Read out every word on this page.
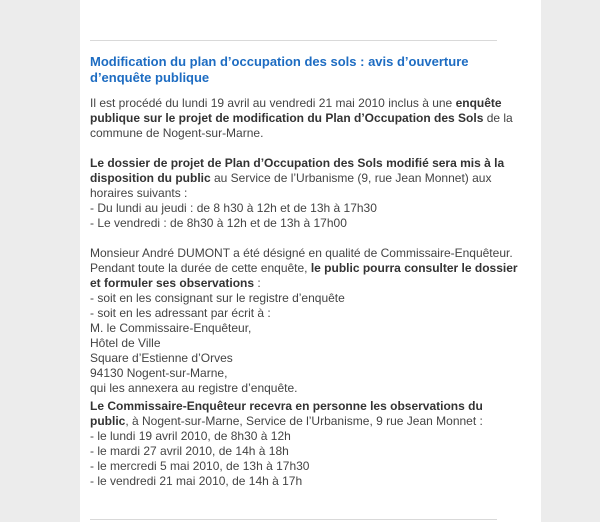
Modification du plan d’occupation des sols : avis d’ouverture d’enquête publique

Il est procédé du lundi 19 avril au vendredi 21 mai 2010 inclus à une enquête publique sur le projet de modification du Plan d’Occupation des Sols de la commune de Nogent-sur-Marne.

Le dossier de projet de Plan d’Occupation des Sols modifié sera mis à la disposition du public au Service de l’Urbanisme (9, rue Jean Monnet) aux horaires suivants :
- Du lundi au jeudi : de 8 h30 à 12h et de 13h à 17h30
- Le vendredi : de 8h30 à 12h et de 13h à 17h00

Monsieur André DUMONT a été désigné en qualité de Commissaire-Enquêteur. Pendant toute la durée de cette enquête, le public pourra consulter le dossier et formuler ses observations :
- soit en les consignant sur le registre d’enquête
- soit en les adressant par écrit à :
M. le Commissaire-Enquêteur,
Hôtel de Ville
Square d’Estienne d’Orves
94130 Nogent-sur-Marne,
qui les annexera au registre d’enquête.

Le Commissaire-Enquêteur recevra en personne les observations du public, à Nogent-sur-Marne, Service de l’Urbanisme, 9 rue Jean Monnet :
- le lundi 19 avril 2010, de 8h30 à 12h
- le mardi 27 avril 2010, de 14h à 18h
- le mercredi 5 mai 2010, de 13h à 17h30
- le vendredi 21 mai 2010, de 14h à 17h
